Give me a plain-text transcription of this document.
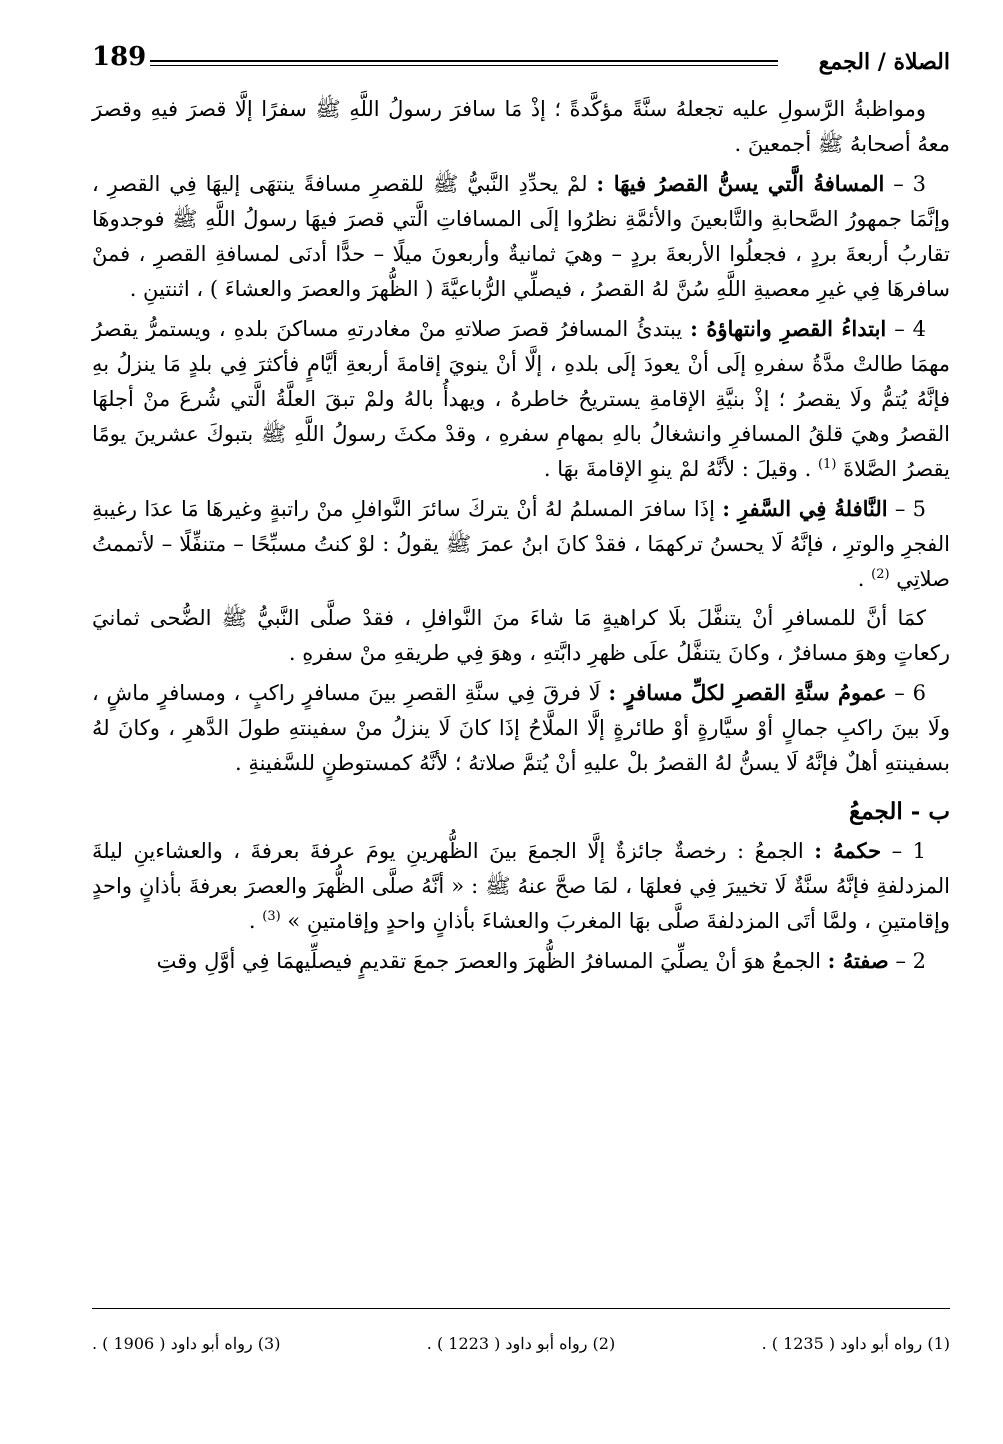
189	الصلاة / الجمع

ومواظبةُ الرَّسولِ عليه تجعلهُ سنَّةً مؤكَّدةً ؛ إذْ مَا سافرَ رسولُ اللَّهِ ﷺ سفرًا إلَّا قصرَ فيهِ وقصرَ معهُ أصحابهُ ﷺ أجمعينَ .

3 – المسافةُ الَّتي يسنُّ القصرُ فيهَا : لمْ يحدِّدِ النَّبيُّ ﷺ للقصرِ مسافةً ينتهَى إليهَا فِي القصرِ ، وإنَّمَا جمهورُ الصَّحابةِ والتَّابعينَ والأئمَّةِ نظرُوا إلَى المسافاتِ الَّتي قصرَ فيهَا رسولُ اللَّهِ ﷺ فوجدوهَا تقاربُ أربعةَ بردٍ ، فجعلُوا الأربعةَ بردٍ – وهيَ ثمانيةٌ وأربعونَ ميلًا – حدًّا أدنَى لمسافةِ القصرِ ، فمنْ سافرهَا فِي غيرِ معصيةِ اللَّهِ سُنَّ لهُ القصرُ ، فيصلِّي الرُّباعيَّةَ ( الظُّهرَ والعصرَ والعشاءَ ) ، اثنتينِ .

4 – ابتداءُ القصرِ وانتهاؤهُ : يبتدئُ المسافرُ قصرَ صلاتهِ منْ مغادرتهِ مساكنَ بلدهِ ، ويستمرُّ يقصرُ مهمَا طالتْ مدَّةُ سفرهِ إلَى أنْ يعودَ إلَى بلدهِ ، إلَّا أنْ ينويَ إقامةَ أربعةِ أيَّامٍ فأكثرَ فِي بلدٍ مَا ينزلُ بهِ فإنَّهُ يُتمُّ ولَا يقصرُ ؛ إذْ بنيَّةِ الإقامةِ يستريحُ خاطرهُ ، ويهدأُ بالهُ ولمْ تبقَ العلَّةُ الَّتي شُرعَ منْ أجلهَا القصرُ وهيَ قلقُ المسافرِ وانشغالُ بالهِ بمهامِ سفرهِ ، وقدْ مكثَ رسولُ اللَّهِ ﷺ بتبوكَ عشرينَ يومًا يقصرُ الصَّلاةَ $^{(1)}$ . وقيلَ : لأنَّهُ لمْ ينوِ الإقامةَ بهَا .

5 – النَّافلةُ فِي السَّفرِ : إذَا سافرَ المسلمُ لهُ أنْ يتركَ سائرَ النَّوافلِ منْ راتبةٍ وغيرهَا مَا عدَا رغيبةِ الفجرِ والوترِ ، فإنَّهُ لَا يحسنُ تركهمَا ، فقدْ كانَ ابنُ عمرَ ﷺ يقولُ : لوْ كنتُ مسبِّحًا – متنفِّلًا – لأتممتُ صلاتِي $^{(2)}$ .

كمَا أنَّ للمسافرِ أنْ يتنفَّلَ بلَا كراهيةٍ مَا شاءَ منَ النَّوافلِ ، فقدْ صلَّى النَّبيُّ ﷺ الضُّحى ثمانيَ ركعاتٍ وهوَ مسافرٌ ، وكانَ يتنفَّلُ علَى ظهرِ دابَّتهِ ، وهوَ فِي طريقهِ منْ سفرهِ .

6 – عمومُ سنَّةِ القصرِ لكلِّ مسافرٍ : لَا فرقَ فِي سنَّةِ القصرِ بينَ مسافرٍ راكبٍ ، ومسافرٍ ماشٍ ، ولَا بينَ راكبِ جمالٍ أوْ سيَّارةٍ أوْ طائرةٍ إلَّا الملَّاحُ إذَا كانَ لَا ينزلُ منْ سفينتهِ طولَ الدَّهرِ ، وكانَ لهُ بسفينتهِ أهلٌ فإنَّهُ لَا يسنُّ لهُ القصرُ بلْ عليهِ أنْ يُتمَّ صلاتهُ ؛ لأنَّهُ كمستوطنٍ للسَّفينةِ .

ب - الجمعُ

1 – حكمهُ : الجمعُ : رخصةٌ جائزةٌ إلَّا الجمعَ بينَ الظُّهرينِ يومَ عرفةَ بعرفةَ ، والعشاءينِ ليلةَ المزدلفةِ فإنَّهُ سنَّةٌ لَا تخييرَ فِي فعلهَا ، لمَا صحَّ عنهُ ﷺ : « أنَّهُ صلَّى الظُّهرَ والعصرَ بعرفةَ بأذانٍ واحدٍ وإقامتينِ ، ولمَّا أتَى المزدلفةَ صلَّى بهَا المغربَ والعشاءَ بأذانٍ واحدٍ وإقامتينِ » $^{(3)}$ .

2 – صفتهُ : الجمعُ هوَ أنْ يصلِّيَ المسافرُ الظُّهرَ والعصرَ جمعَ تقديمٍ فيصلِّيهمَا فِي أوَّلِ وقتِ

(1) رواه أبو داود ( 1235 ) .
(2) رواه أبو داود ( 1223 ) .
(3) رواه أبو داود ( 1906 ) .
